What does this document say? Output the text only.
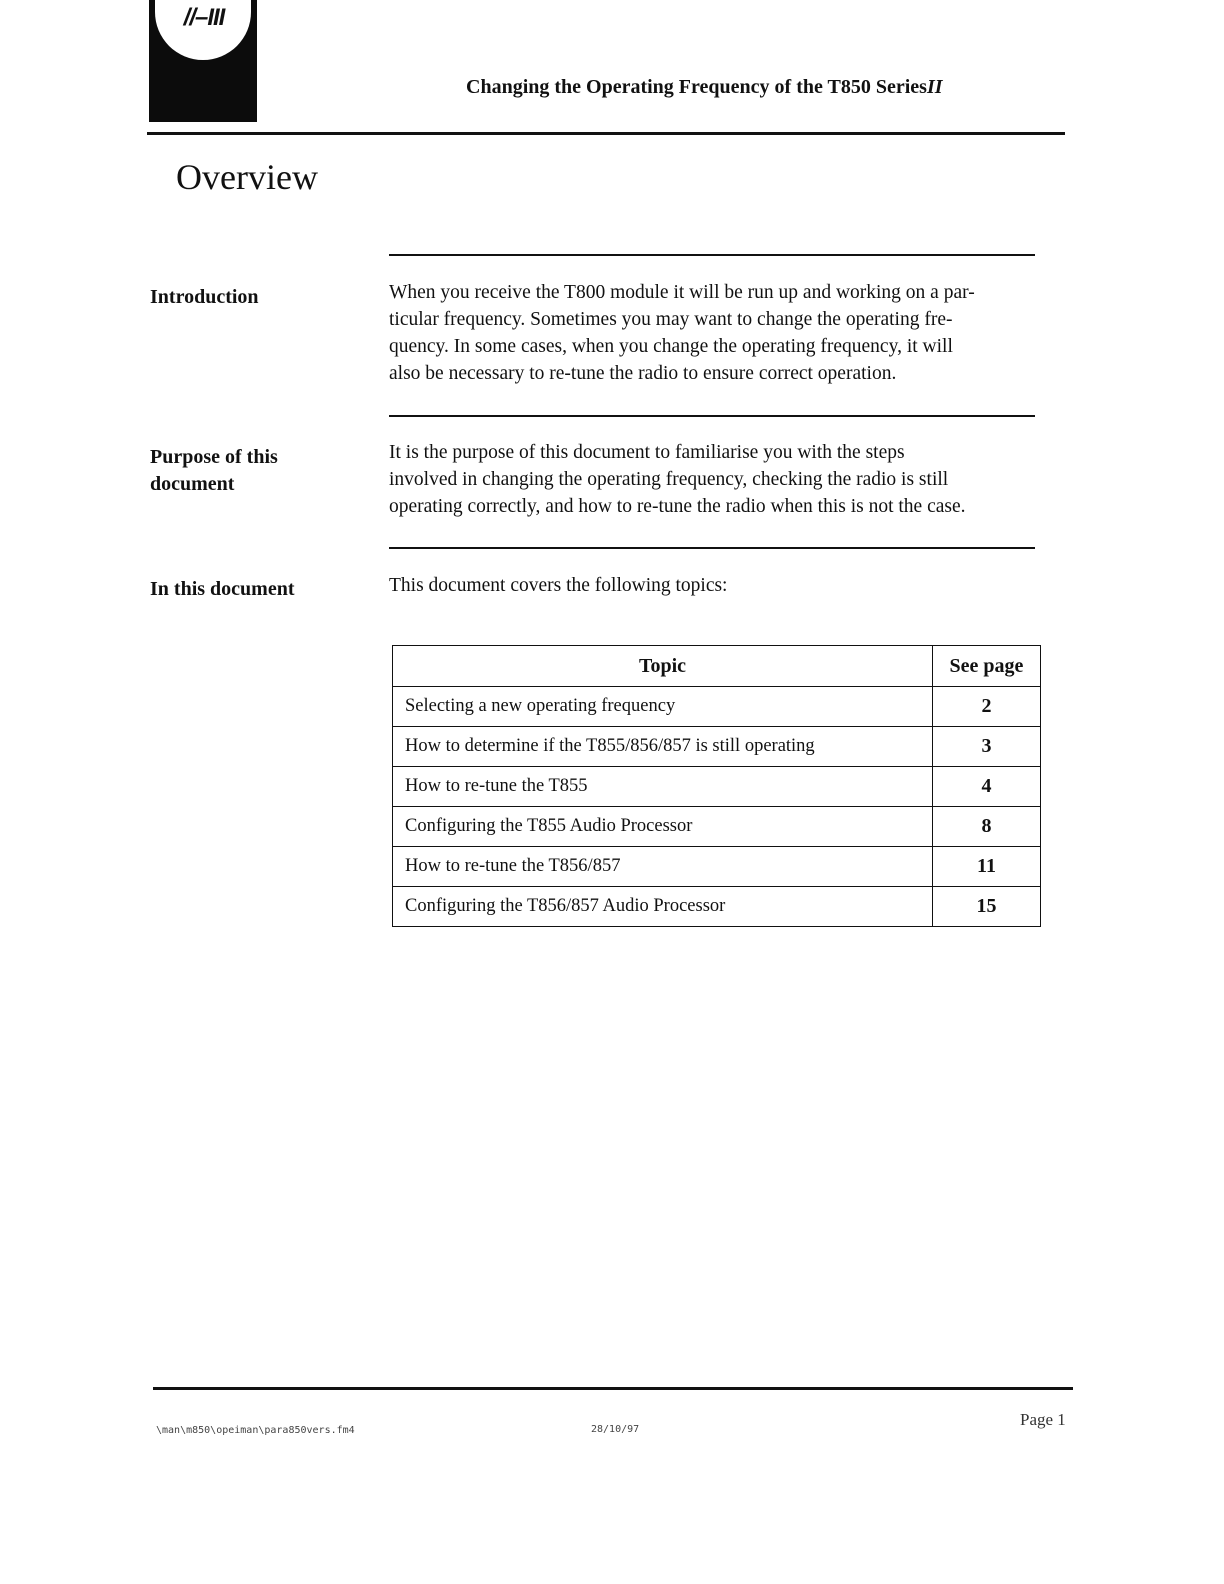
//–III
Changing the Operating Frequency of the T850 SeriesII
Overview
Introduction	When you receive the T800 module it will be run up and working on a par-
ticular frequency. Sometimes you may want to change the operating fre-
quency. In some cases, when you change the operating frequency, it will
also be necessary to re-tune the radio to ensure correct operation.
Purpose of this
document
It is the purpose of this document to familiarise you with the steps
involved in changing the operating frequency, checking the radio is still
operating correctly, and how to re-tune the radio when this is not the case.
In this document	This document covers the following topics:
Topic	See page
Selecting a new operating frequency	2
How to determine if the T855/856/857 is still operating	3
How to re-tune the T855	4
Configuring the T855 Audio Processor	8
How to re-tune the T856/857	11
Configuring the T856/857 Audio Processor	15
\man\m850\opeiman\para850vers.fm4	28/10/97
Page 1
